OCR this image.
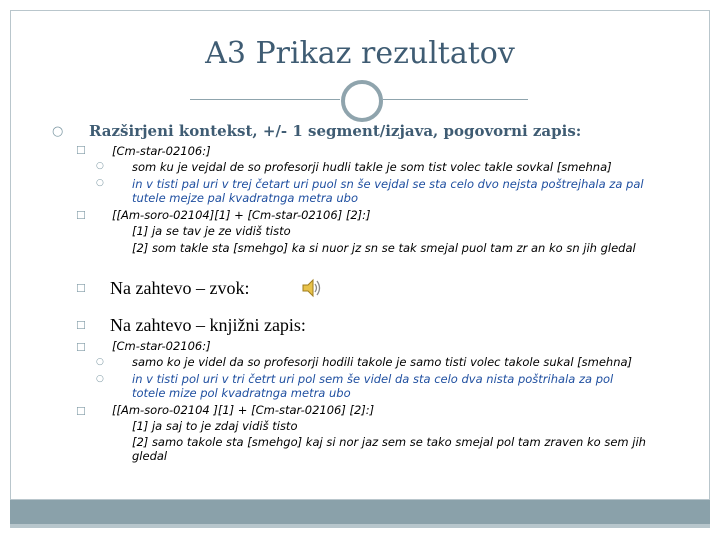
A3 Prikaz rezultatov
○ Razširjeni kontekst, +/- 1 segment/izjava, pogovorni zapis:
☐ [Cm-star-02106:]
○ som ku je vejdal de so profesorji hudli takle je som tist volec takle sovkal [smehna]
○ in v tisti pal uri v trej četart uri puol sn še vejdal se sta celo dvo nejsta poštrejhala za pal
tutele mejze pal kvadratnga metra ubo
☐ [[Am-soro-02104][1] + [Cm-star-02106] [2]:]
[1] ja se tav je ze vidiš tisto
[2] som takle sta [smehgo] ka si nuor jz sn se tak smejal puol tam zr an ko sn jih gledal
☐ Na zahtevo – zvok:
☐ Na zahtevo – knjižni zapis:
☐ [Cm-star-02106:]
○ samo ko je videl da so profesorji hodili takole je samo tisti volec takole sukal [smehna]
○ in v tisti pol uri v tri četrt uri pol sem še videl da sta celo dva nista poštrihala za pol
totele mize pol kvadratnga metra ubo
☐ [[Am-soro-02104 ][1] + [Cm-star-02106] [2]:]
[1] ja saj to je zdaj vidiš tisto
[2] samo takole sta [smehgo] kaj si nor jaz sem se tako smejal pol tam zraven ko sem jih
gledal
